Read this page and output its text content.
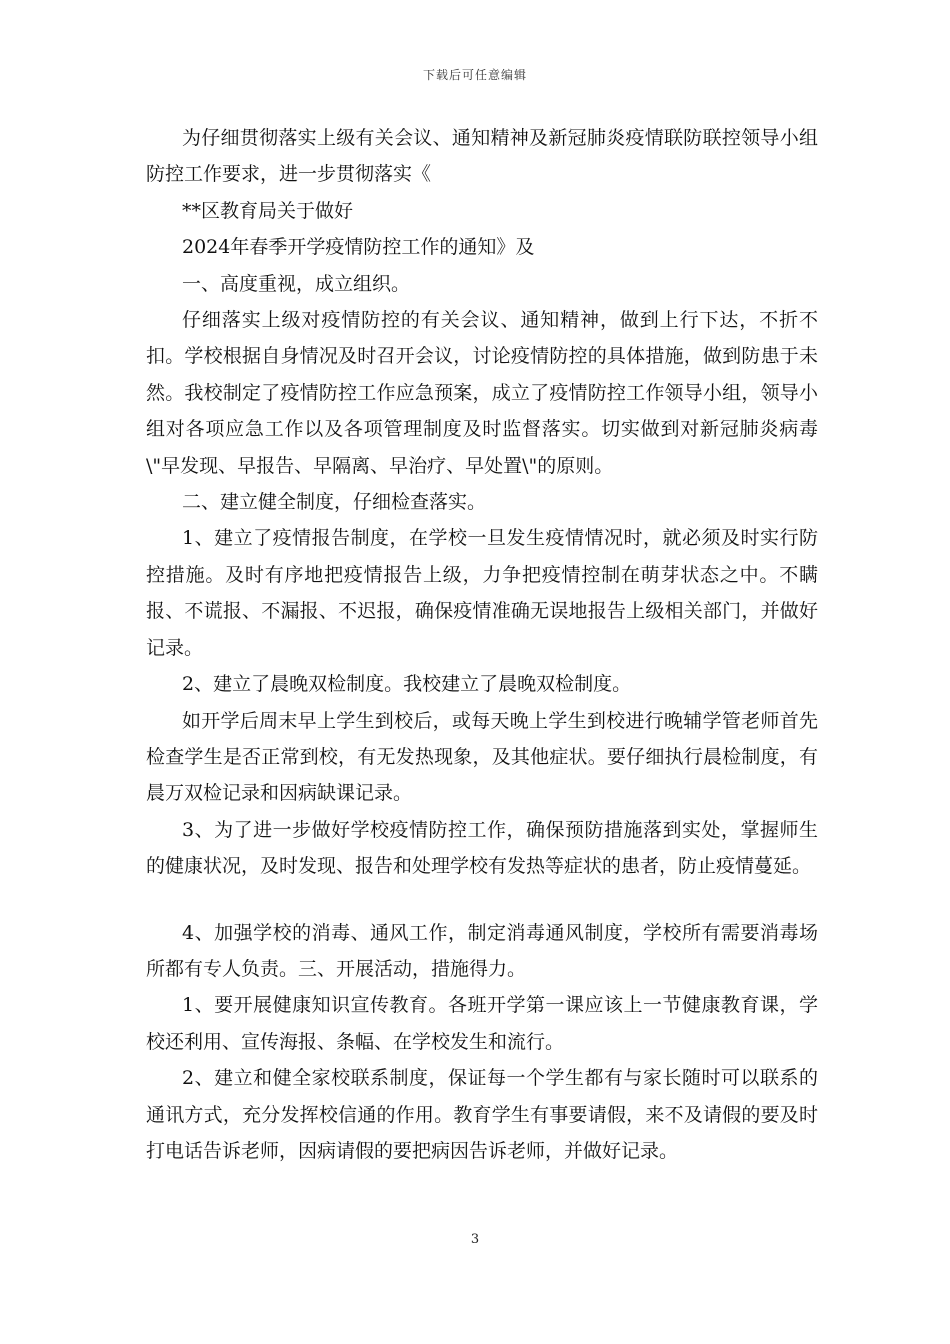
下载后可任意编辑

为仔细贯彻落实上级有关会议、通知精神及新冠肺炎疫情联防联控领导小组防控工作要求，进一步贯彻落实《

**区教育局关于做好

2024年春季开学疫情防控工作的通知》及

一、高度重视，成立组织。

仔细落实上级对疫情防控的有关会议、通知精神，做到上行下达，不折不扣。学校根据自身情况及时召开会议，讨论疫情防控的具体措施，做到防患于未然。我校制定了疫情防控工作应急预案，成立了疫情防控工作领导小组，领导小组对各项应急工作以及各项管理制度及时监督落实。切实做到对新冠肺炎病毒\"早发现、早报告、早隔离、早治疗、早处置\"的原则。

二、建立健全制度，仔细检查落实。

1、建立了疫情报告制度，在学校一旦发生疫情情况时，就必须及时实行防控措施。及时有序地把疫情报告上级，力争把疫情控制在萌芽状态之中。不瞒报、不谎报、不漏报、不迟报，确保疫情准确无误地报告上级相关部门，并做好记录。

2、建立了晨晚双检制度。我校建立了晨晚双检制度。

如开学后周末早上学生到校后，或每天晚上学生到校进行晚辅学管老师首先检查学生是否正常到校，有无发热现象，及其他症状。要仔细执行晨检制度，有晨万双检记录和因病缺课记录。

3、为了进一步做好学校疫情防控工作，确保预防措施落到实处，掌握师生的健康状况，及时发现、报告和处理学校有发热等症状的患者，防止疫情蔓延。

4、加强学校的消毒、通风工作，制定消毒通风制度，学校所有需要消毒场所都有专人负责。三、开展活动，措施得力。

1、要开展健康知识宣传教育。各班开学第一课应该上一节健康教育课，学校还利用、宣传海报、条幅、在学校发生和流行。

2、建立和健全家校联系制度，保证每一个学生都有与家长随时可以联系的通讯方式，充分发挥校信通的作用。教育学生有事要请假，来不及请假的要及时打电话告诉老师，因病请假的要把病因告诉老师，并做好记录。

3
